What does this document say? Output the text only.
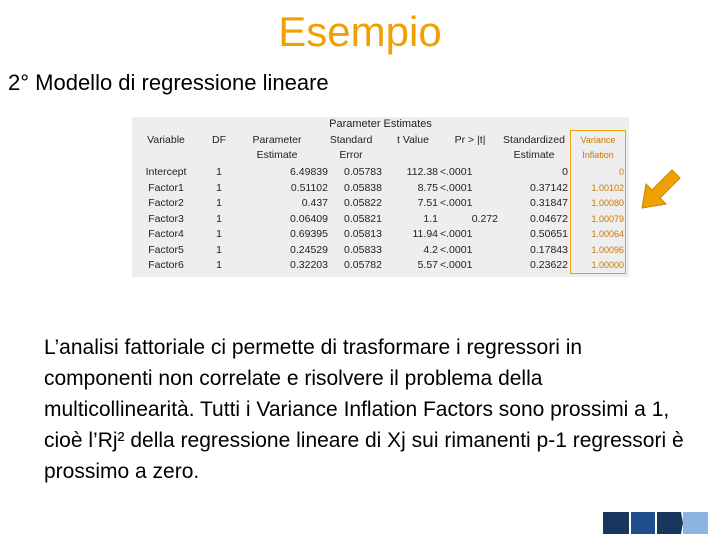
Esempio
2° Modello di regressione lineare
Parameter Estimates
Variable	DF	Parameter
Estimate
Standard
Error
t Value	Pr > |t|	Standardized
Estimate
Variance
Inflation
Intercept	1	6.49839	0.05783	112.38 <.0001	0	0
Factor1	1	0.51102	0.05838	8.75 <.0001	0.37142	1.00102
Factor2	1	0.437	0.05822	7.51 <.0001	0.31847	1.00080
Factor3	1	0.06409	0.05821	1.1	0.272	0.04672	1.00079
Factor4	1	0.69395	0.05813	11.94 <.0001	0.50651	1.00064
Factor5	1	0.24529	0.05833	4.2 <.0001	0.17843	1.00096
Factor6	1	0.32203	0.05782	5.57 <.0001	0.23622	1.00000
L’analisi fattoriale ci permette di trasformare i regressori in componenti non correlate e risolvere il problema della multicollinearità. Tutti i Variance Inflation Factors sono prossimi a 1, cioè l’Rj² della regressione lineare di Xj sui rimanenti p-1 regressori è prossimo a zero.
